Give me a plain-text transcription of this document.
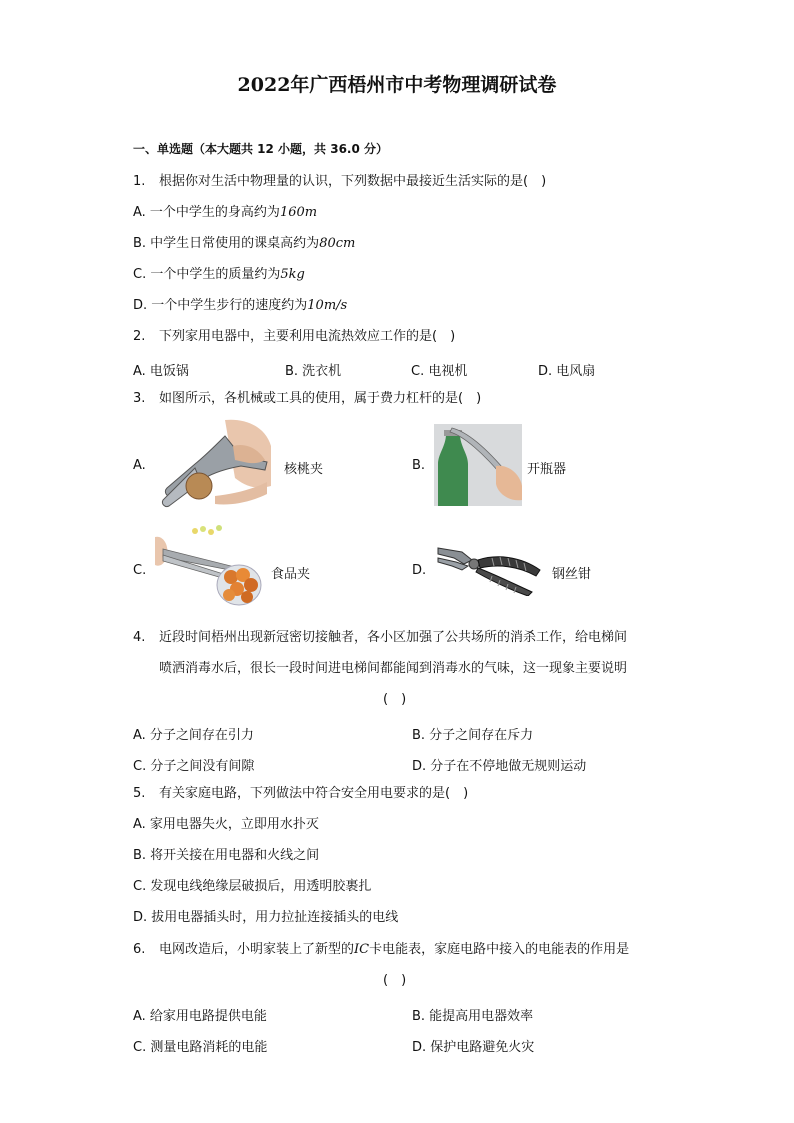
2022年广西梧州市中考物理调研试卷
一、单选题（本大题共 12 小题，共 36.0 分）
1. 根据你对生活中物理量的认识，下列数据中最接近生活实际的是(　)
A. 一个中学生的身高约为160m
B. 中学生日常使用的课桌高约为80cm
C. 一个中学生的质量约为5kg
D. 一个中学生步行的速度约为10m/s
2. 下列家用电器中，主要利用电流热效应工作的是(　)
A. 电饭锅	B. 洗衣机	C. 电视机	D. 电风扇
3. 如图所示，各机械或工具的使用，属于费力杠杆的是(　)
A.	核桃夹	B.	开瓶器
C.	食品夹	D.	钢丝钳
4. 近段时间梧州出现新冠密切接触者，各小区加强了公共场所的消杀工作，给电梯间
喷洒消毒水后，很长一段时间进电梯间都能闻到消毒水的气味，这一现象主要说明
(　)
A. 分子之间存在引力	B. 分子之间存在斥力
C. 分子之间没有间隙	D. 分子在不停地做无规则运动
5. 有关家庭电路，下列做法中符合安全用电要求的是(　)
A. 家用电器失火，立即用水扑灭
B. 将开关接在用电器和火线之间
C. 发现电线绝缘层破损后，用透明胶裹扎
D. 拔用电器插头时，用力拉扯连接插头的电线
6. 电网改造后，小明家装上了新型的IC卡电能表，家庭电路中接入的电能表的作用是
(　)
A. 给家用电路提供电能	B. 能提高用电器效率
C. 测量电路消耗的电能	D. 保护电路避免火灾
